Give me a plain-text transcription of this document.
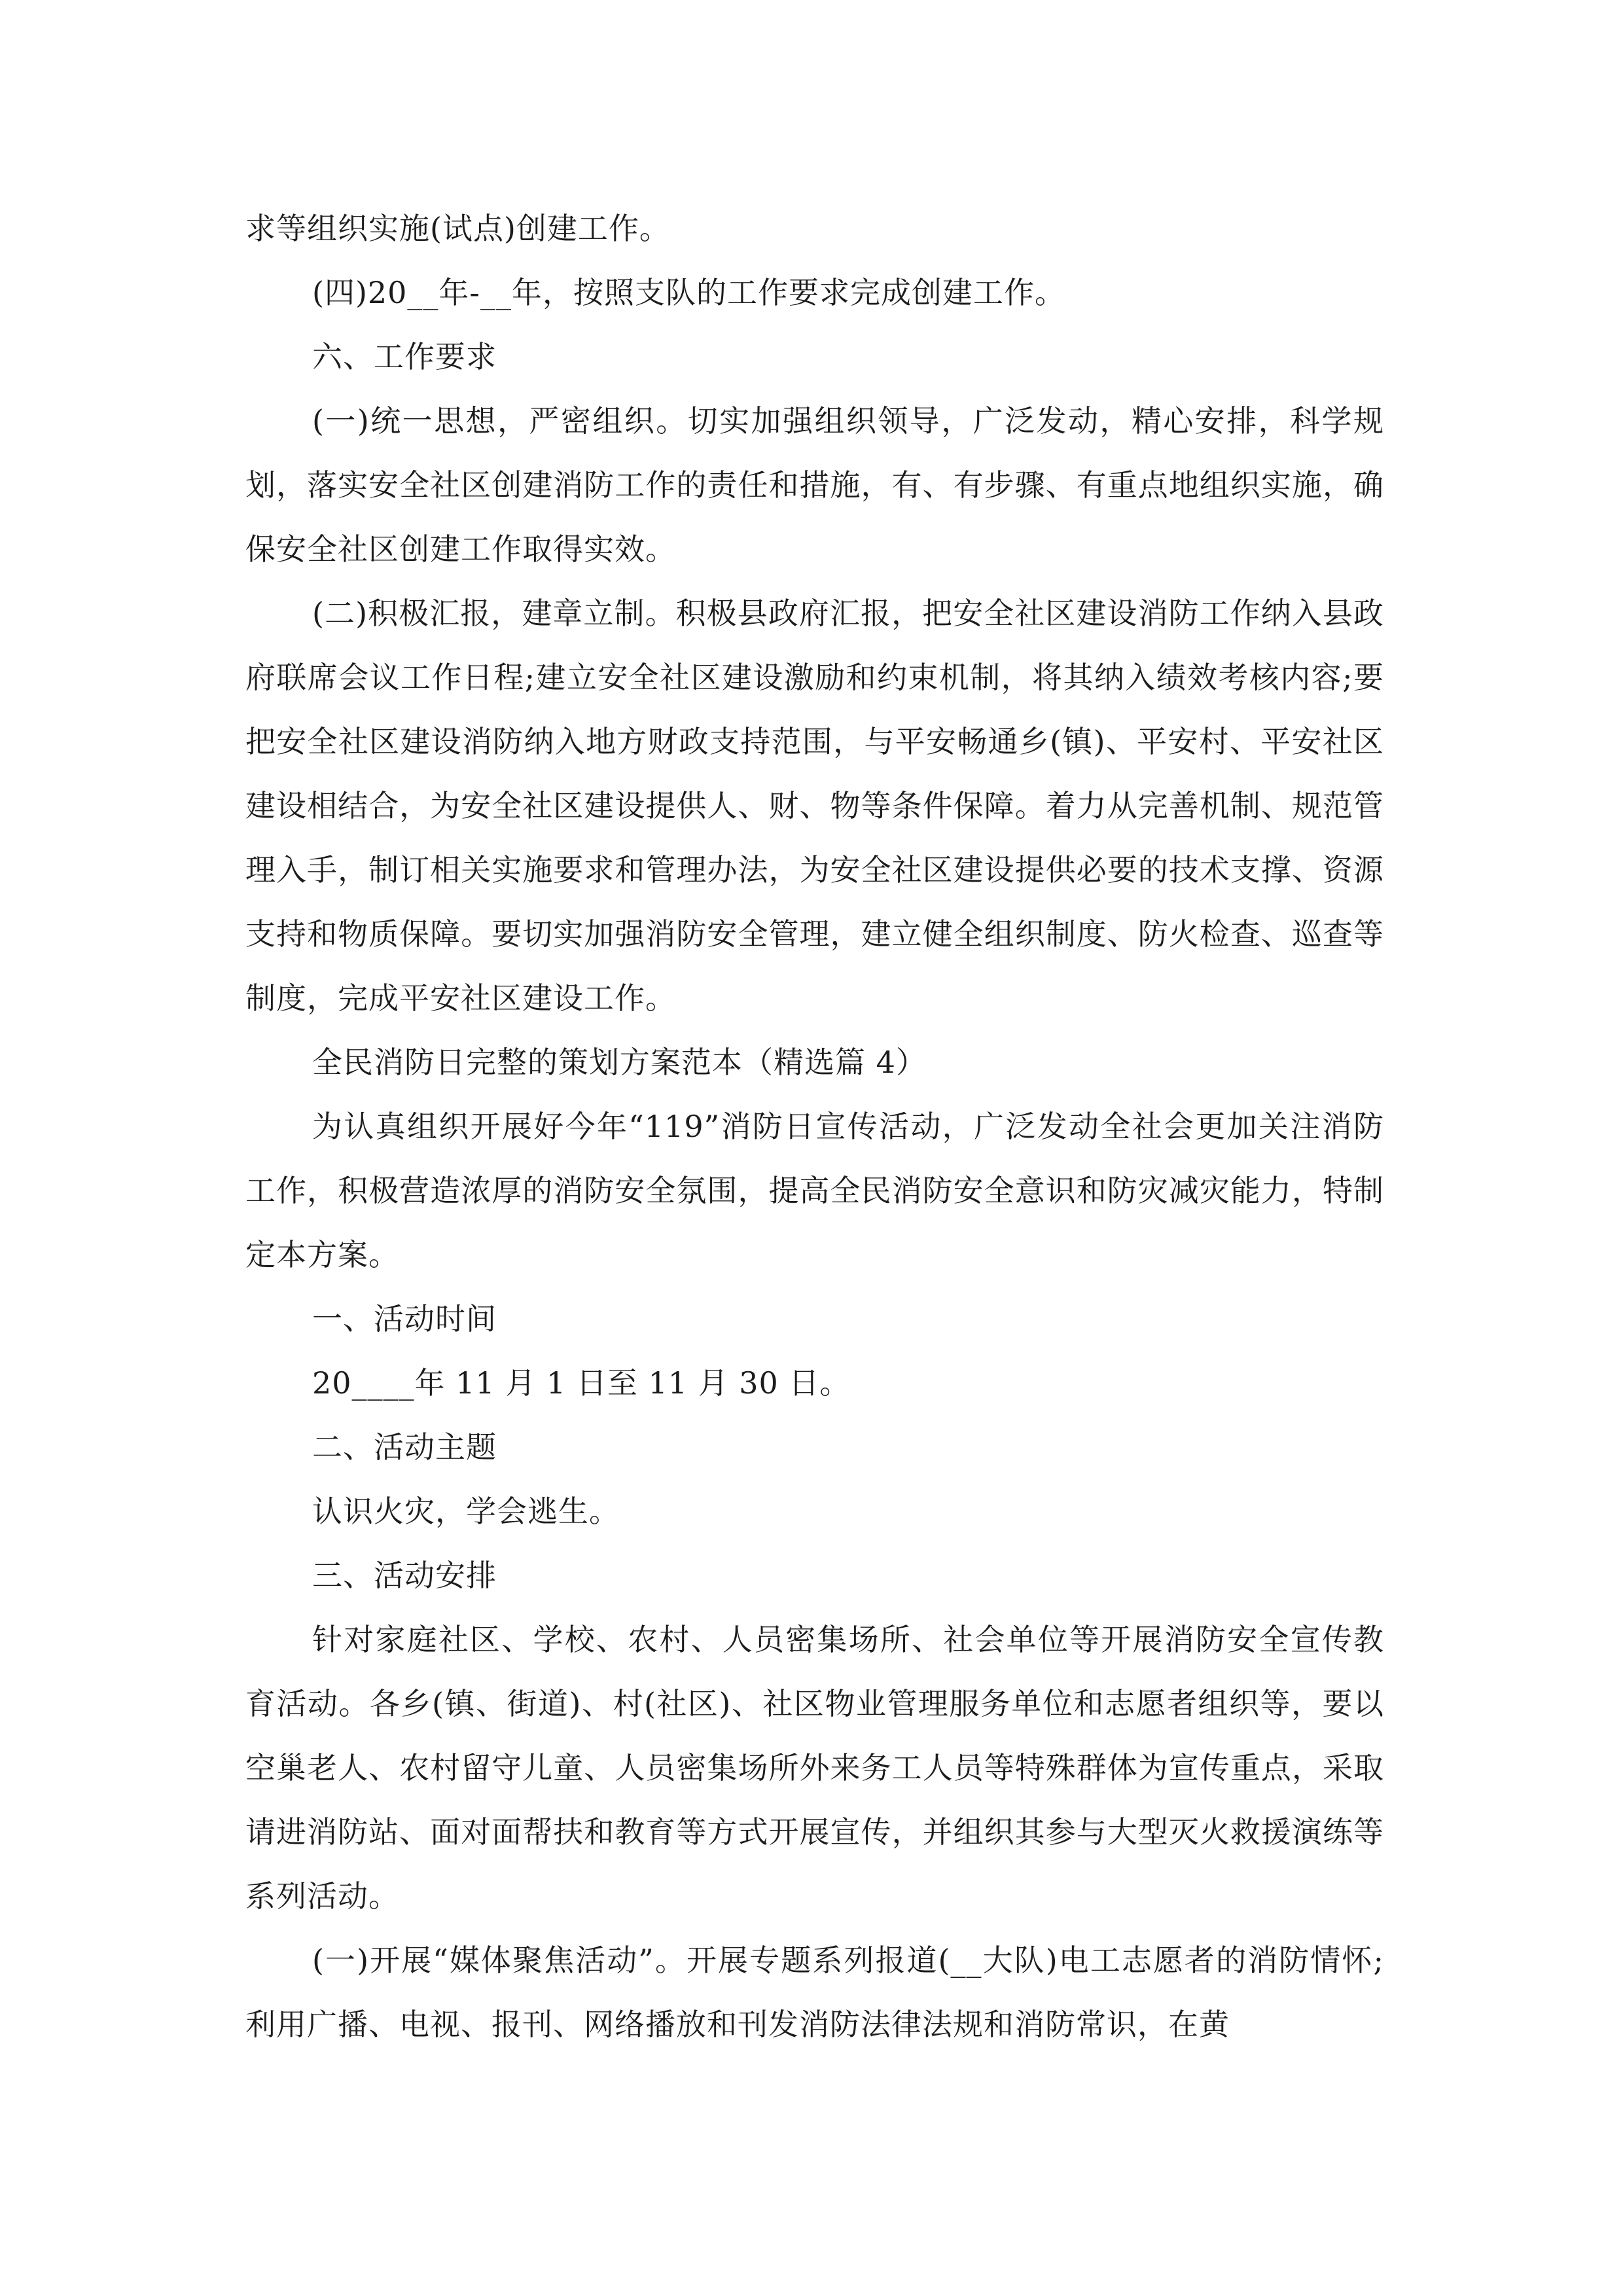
求等组织实施(试点)创建工作。

(四)20__年-__年，按照支队的工作要求完成创建工作。

六、工作要求

(一)统一思想，严密组织。切实加强组织领导，广泛发动，精心安排，科学规划，落实安全社区创建消防工作的责任和措施，有、有步骤、有重点地组织实施，确保安全社区创建工作取得实效。

(二)积极汇报，建章立制。积极县政府汇报，把安全社区建设消防工作纳入县政府联席会议工作日程;建立安全社区建设激励和约束机制，将其纳入绩效考核内容;要把安全社区建设消防纳入地方财政支持范围，与平安畅通乡(镇)、平安村、平安社区建设相结合，为安全社区建设提供人、财、物等条件保障。着力从完善机制、规范管理入手，制订相关实施要求和管理办法，为安全社区建设提供必要的技术支撑、资源支持和物质保障。要切实加强消防安全管理，建立健全组织制度、防火检查、巡查等制度，完成平安社区建设工作。

全民消防日完整的策划方案范本（精选篇 4）

为认真组织开展好今年“119”消防日宣传活动，广泛发动全社会更加关注消防工作，积极营造浓厚的消防安全氛围，提高全民消防安全意识和防灾减灾能力，特制定本方案。

一、活动时间

20____年 11 月 1 日至 11 月 30 日。

二、活动主题

认识火灾，学会逃生。

三、活动安排

针对家庭社区、学校、农村、人员密集场所、社会单位等开展消防安全宣传教育活动。各乡(镇、街道)、村(社区)、社区物业管理服务单位和志愿者组织等，要以空巢老人、农村留守儿童、人员密集场所外来务工人员等特殊群体为宣传重点，采取请进消防站、面对面帮扶和教育等方式开展宣传，并组织其参与大型灭火救援演练等系列活动。

(一)开展“媒体聚焦活动”。开展专题系列报道(__大队)电工志愿者的消防情怀;利用广播、电视、报刊、网络播放和刊发消防法律法规和消防常识，在黄
